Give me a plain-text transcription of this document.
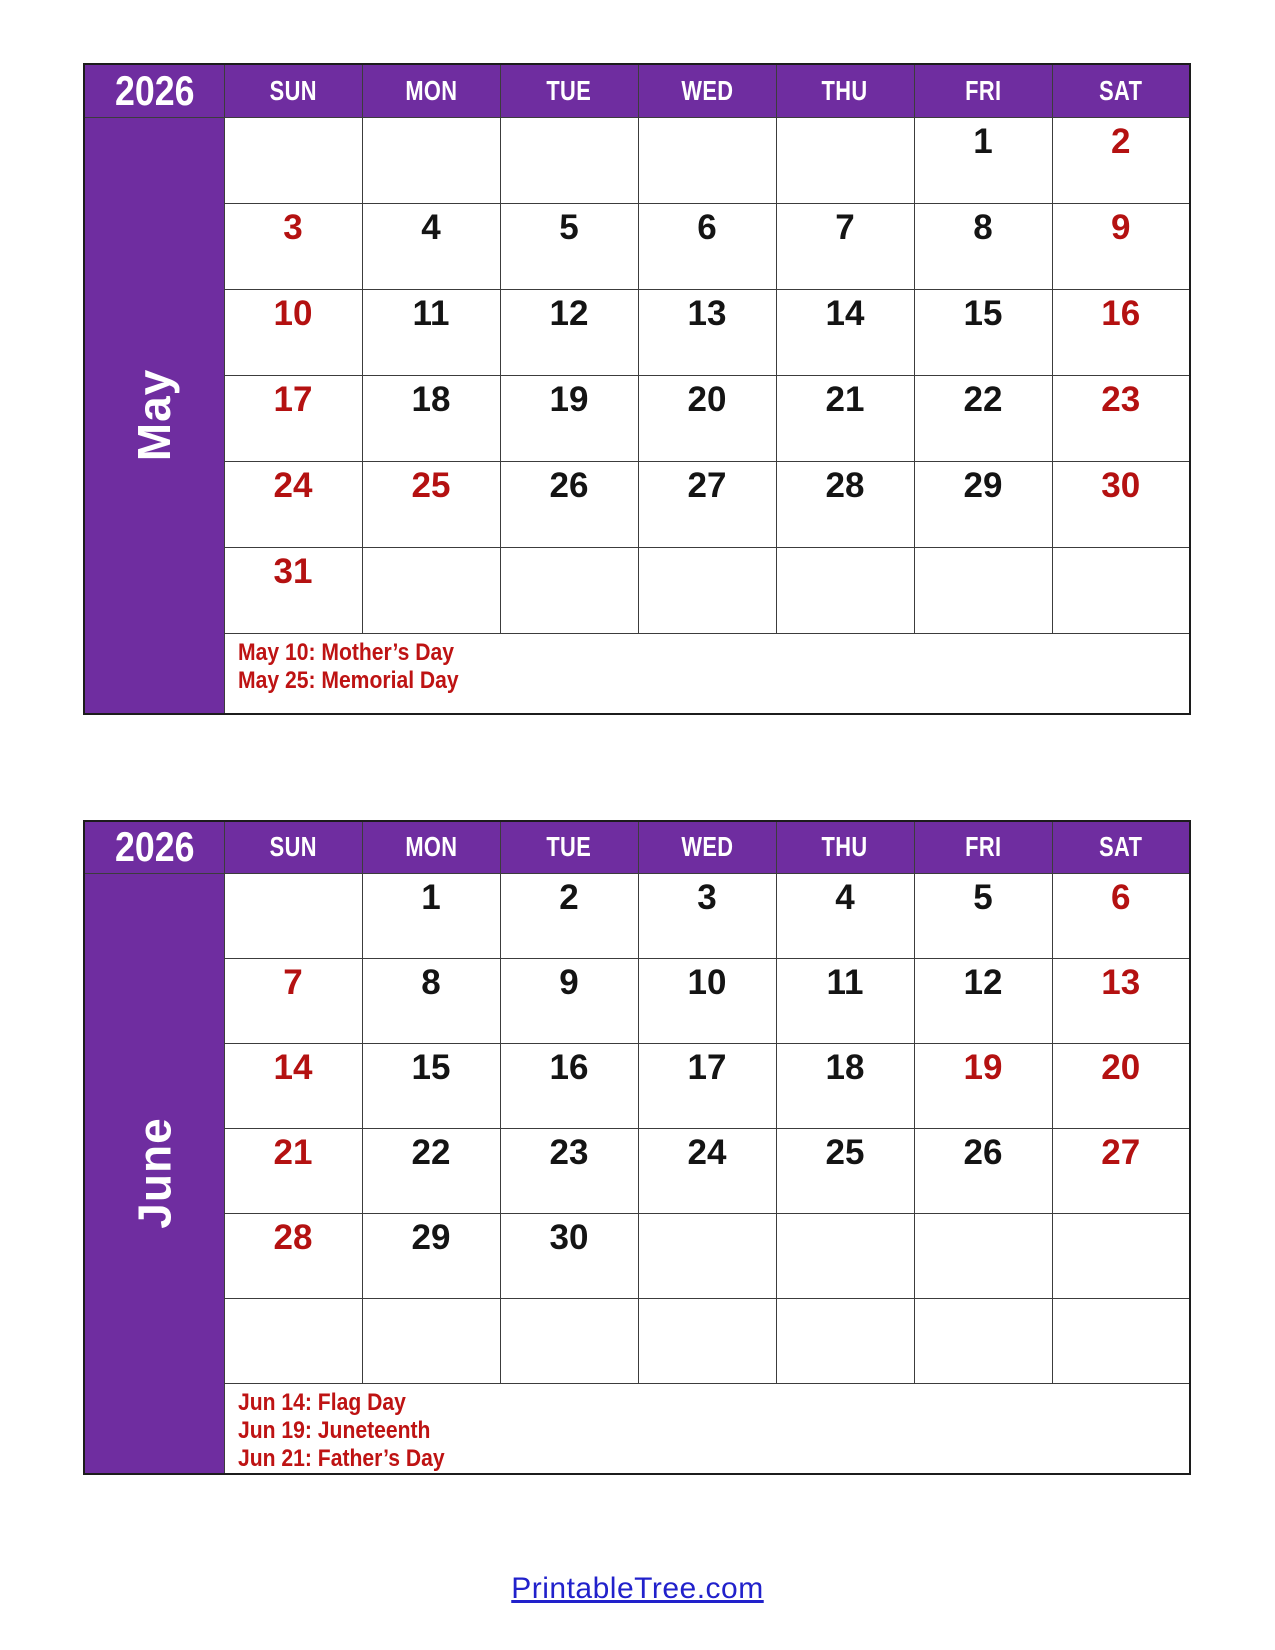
2026	SUN	MON	TUE	WED	THU	FRI	SAT
May						1	2
	3	4	5	6	7	8	9
	10	11	12	13	14	15	16
	17	18	19	20	21	22	23
	24	25	26	27	28	29	30
	31						

	May 10: Mother’s Day
May 25: Memorial Day						
2026	SUN	MON	TUE	WED	THU	FRI	SAT
June		1	2	3	4	5	6
	7	8	9	10	11	12	13
	14	15	16	17	18	19	20
	21	22	23	24	25	26	27
	28	29	30				

	Jun 14: Flag Day
Jun 19: Juneteenth
Jun 21: Father’s Day						
PrintableTree.com
